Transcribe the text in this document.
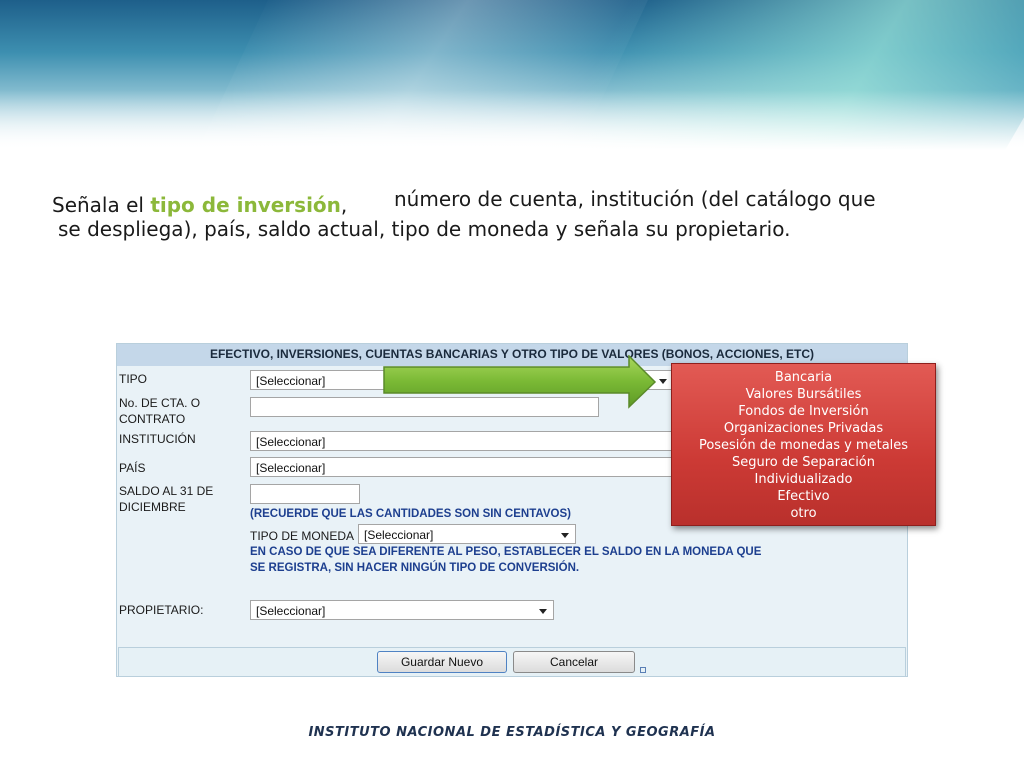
Señala el tipo de inversión, número de cuenta, institución (del catálogo que
se despliega), país, saldo actual, tipo de moneda y señala su propietario.
EFECTIVO, INVERSIONES, CUENTAS BANCARIAS Y OTRO TIPO DE VALORES (BONOS, ACCIONES, ETC)
TIPO	[Seleccionar]
No. DE CTA. O
CONTRATO
INSTITUCIÓN	[Seleccionar]
PAÍS	[Seleccionar]
SALDO AL 31 DE
DICIEMBRE	(RECUERDE QUE LAS CANTIDADES SON SIN CENTAVOS)
TIPO DE MONEDA [Seleccionar]
EN CASO DE QUE SEA DIFERENTE AL PESO, ESTABLECER EL SALDO EN LA MONEDA QUE
SE REGISTRA, SIN HACER NINGÚN TIPO DE CONVERSIÓN.
PROPIETARIO:	[Seleccionar]
Guardar Nuevo	Cancelar
Bancaria
Valores Bursátiles
Fondos de Inversión
Organizaciones Privadas
Posesión de monedas y metales
Seguro de Separación
Individualizado
Efectivo
otro
INSTITUTO NACIONAL DE ESTADÍSTICA Y GEOGRAFÍA
